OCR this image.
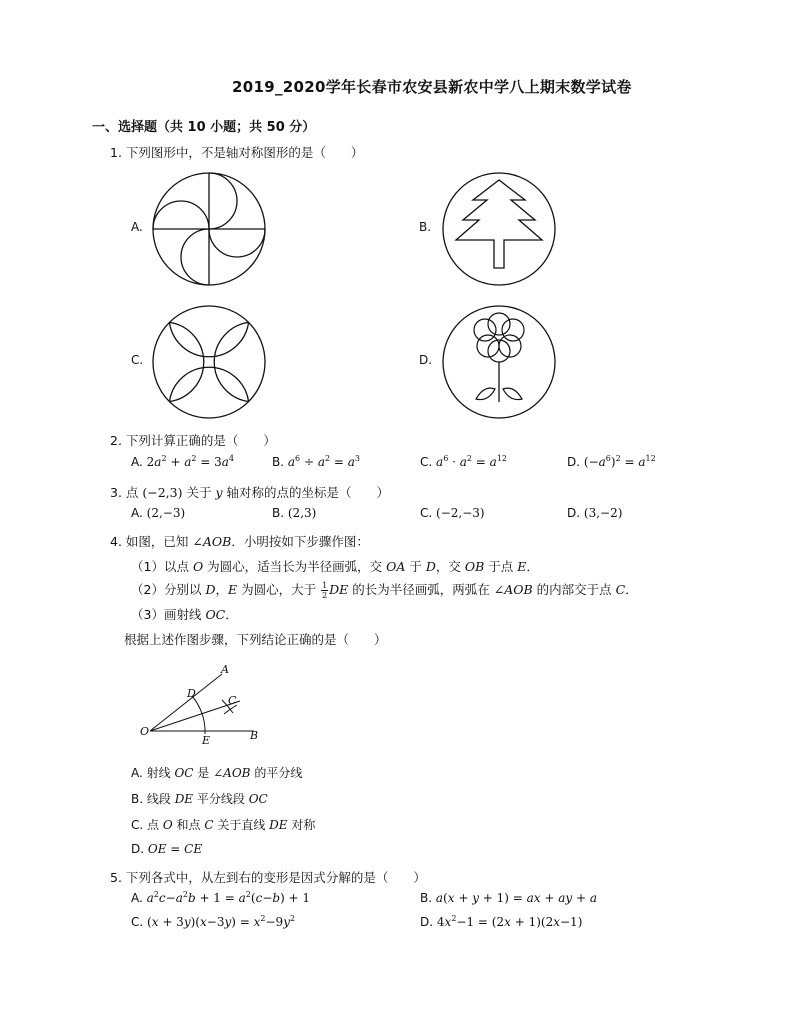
2019_2020学年长春市农安县新农中学八上期末数学试卷
一、选择题（共 10 小题；共 50 分）
1. 下列图形中，不是轴对称图形的是（　　）
A.	B.
C.	D.
2. 下列计算正确的是（　　）
A. $2a^2 + a^2 = 3a^4$	B. $a^6 \div a^2 = a^3$	C. $a^6 \cdot a^2 = a^{12}$	D. $(-a^6)^2 = a^{12}$
3. 点 (−2,3) 关于 y 轴对称的点的坐标是（　　）
A. (2,−3)	B. (2,3)	C. (−2,−3)	D. (3,−2)
4. 如图，已知 ∠AOB．小明按如下步骤作图：
（1）以点 O 为圆心，适当长为半径画弧，交 OA 于 D，交 OB 于点 E．
（2）分别以 D，E 为圆心，大于 $\frac{1}{2}$ DE 的长为半径画弧，两弧在 ∠AOB 的内部交于点 C．
（3）画射线 OC．
根据上述作图步骤，下列结论正确的是（　　）
A
D
C
O
E	B
A. 射线 OC 是 ∠AOB 的平分线
B. 线段 DE 平分线段 OC
C. 点 O 和点 C 关于直线 DE 对称
D. OE = CE
5. 下列各式中，从左到右的变形是因式分解的是（　　）
A. $a^2c-a^2b + 1 = a^2(c-b) + 1$	B. a(x + y + 1) = ax + ay + a
C. $(x + 3y)(x-3y) = x^2-9y^2$	D. $4x^2-1 = (2x + 1)(2x-1)$
